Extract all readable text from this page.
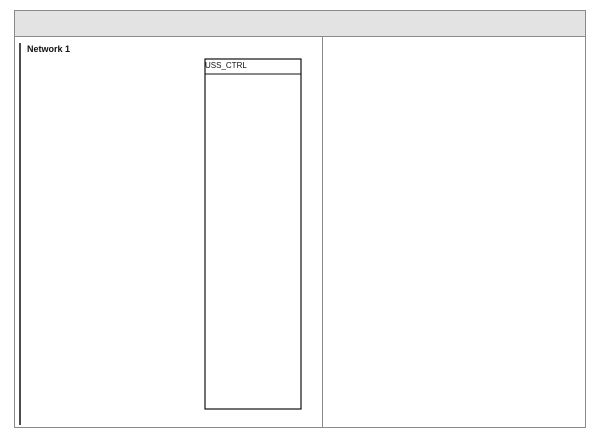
Network 1
USS_CTRL
